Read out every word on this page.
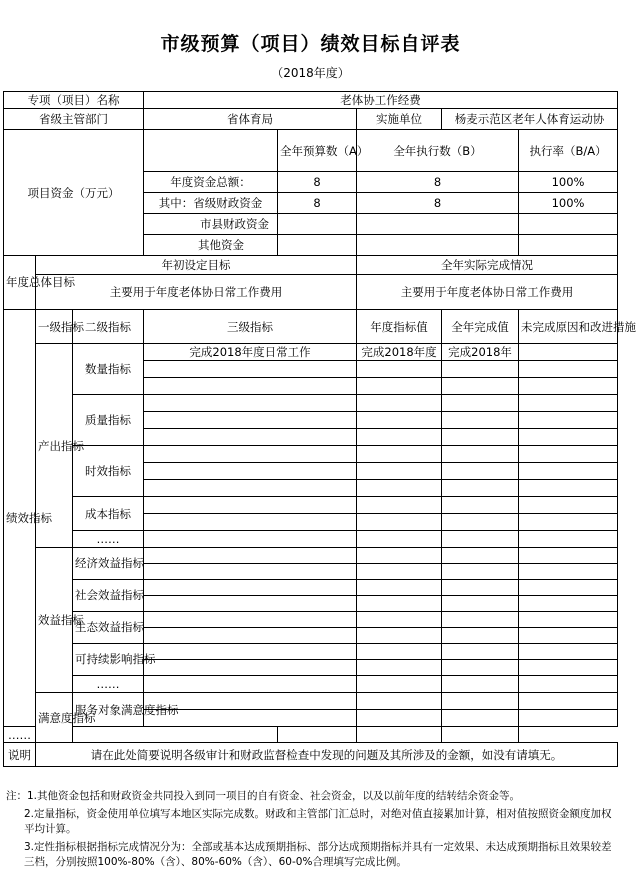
市级预算（项目）绩效目标自评表
（2018年度）
专项（项目）名称			老体协工作经费				
省级主管部门			省体育局		实施单位	杨麦示范区老年人体育运动协	
项目资金（万元）				全年预算数（A）	全年执行数（B）		执行率（B/A）
			年度资金总额：	8	8		100%
			其中：省级财政资金	8	8		100%
			市县财政资金				
			其他资金				
年度总体目标	年初设定目标				全年实际完成情况		
	主要用于年度老体协日常工作费用				主要用于年度老体协日常工作费用		
绩效指标	一级指标	二级指标	三级指标		年度指标值	全年完成值	未完成原因和改进措施
	产出指标	数量指标	完成2018年度日常工作		完成2018年度	完成2018年	

		质量指标					

		时效指标					

		成本指标					

		……					
	效益指标	经济效益指标					

		社会效益指标					

		生态效益指标					

		可持续影响指标					

		……					
	满意度指标	服务对象满意度指标					

……							
说明	请在此处简要说明各级审计和财政监督检查中发现的问题及其所涉及的金额，如没有请填无。						

注：1.其他资金包括和财政资金共同投入到同一项目的自有资金、社会资金，以及以前年度的结转结余资金等。

2.定量指标，资金使用单位填写本地区实际完成数。财政和主管部门汇总时，对绝对值直接累加计算，相对值按照资金额度加权平均计算。

3.定性指标根据指标完成情况分为：全部或基本达成预期指标、部分达成预期指标并具有一定效果、未达成预期指标且效果较差三档，分别按照100%-80%（含）、80%-60%（含）、60-0%合理填写完成比例。
